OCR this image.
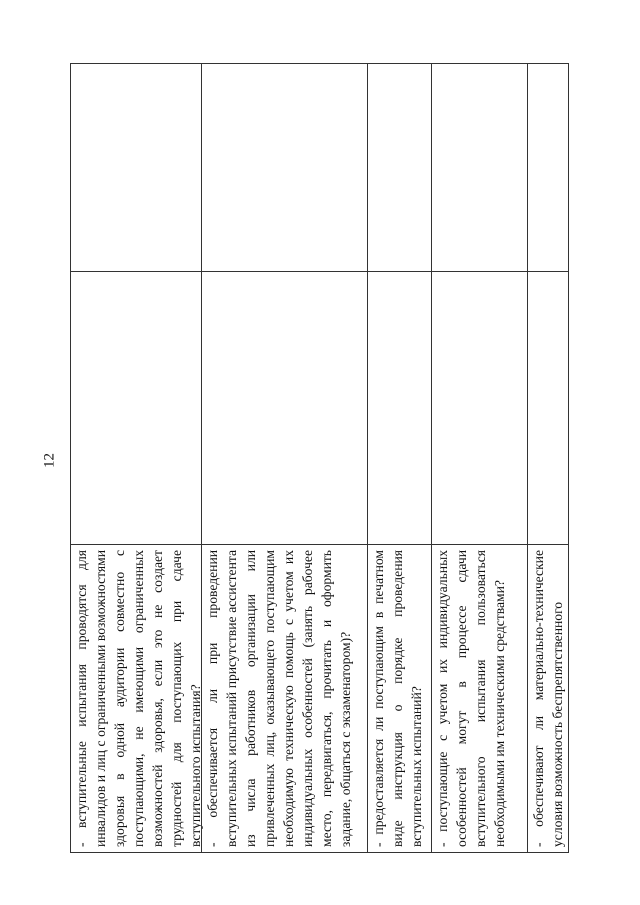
12

- вступительные испытания проводятся для инвалидов и лиц с ограниченными возможностями здоровья в одной аудитории совместно с поступающими, не имеющими ограниченных возможностей здоровья, если это не создает трудностей для поступающих при сдаче вступительного испытания? - обеспечивается ли при проведении вступительных испытаний присутствие ассистента из числа работников организации или привлеченных лиц, оказывающего поступающим необходимую техническую помощь с учетом их индивидуальных особенностей (занять рабочее место, передвигаться, прочитать и оформить задание, общаться с экзаменатором)? - предоставляется ли поступающим в печатном виде инструкция о порядке проведения вступительных испытаний? - поступающие с учетом их индивидуальных особенностей могут в процессе сдачи вступительного испытания пользоваться необходимыми им техническими средствами? - обеспечивают ли материально-технические условия возможность беспрепятственного
